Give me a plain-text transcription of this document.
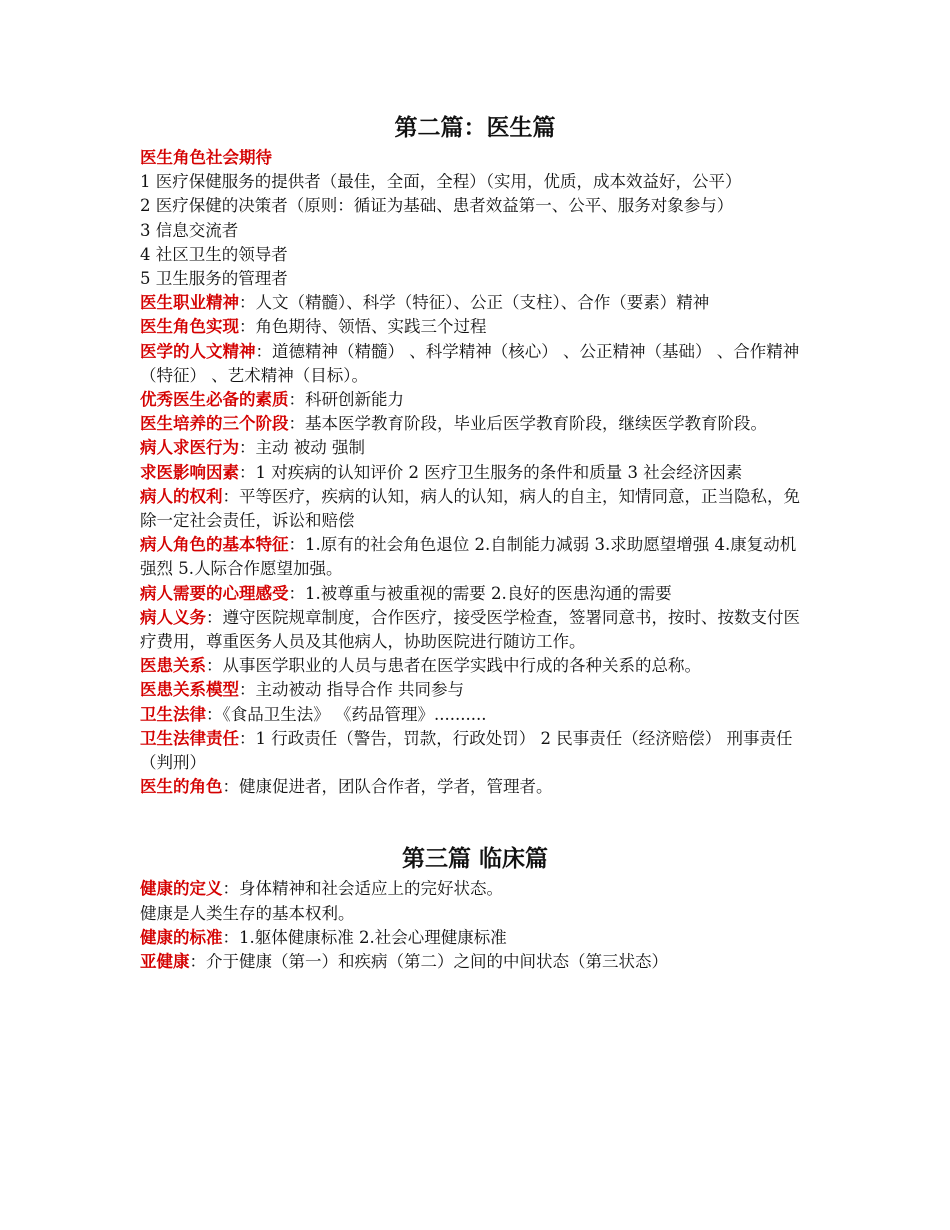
第二篇：医生篇

医生角色社会期待

1 医疗保健服务的提供者（最佳，全面，全程）（实用，优质，成本效益好，公平）

2 医疗保健的决策者（原则：循证为基础、患者效益第一、公平、服务对象参与）

3 信息交流者

4 社区卫生的领导者

5 卫生服务的管理者

医生职业精神：人文（精髓）、科学（特征）、公正（支柱）、合作（要素）精神

医生角色实现：角色期待、领悟、实践三个过程

医学的人文精神：道德精神（精髓） 、科学精神（核心） 、公正精神（基础） 、合作精神（特征） 、艺术精神（目标）。

优秀医生必备的素质：科研创新能力

医生培养的三个阶段：基本医学教育阶段，毕业后医学教育阶段，继续医学教育阶段。

病人求医行为：主动 被动 强制

求医影响因素：1 对疾病的认知评价 2 医疗卫生服务的条件和质量 3 社会经济因素

病人的权利：平等医疗，疾病的认知，病人的认知，病人的自主，知情同意，正当隐私，免除一定社会责任，诉讼和赔偿

病人角色的基本特征：1.原有的社会角色退位 2.自制能力减弱 3.求助愿望增强 4.康复动机强烈 5.人际合作愿望加强。

病人需要的心理感受：1.被尊重与被重视的需要 2.良好的医患沟通的需要

病人义务：遵守医院规章制度，合作医疗，接受医学检查，签署同意书，按时、按数支付医疗费用，尊重医务人员及其他病人，协助医院进行随访工作。

医患关系：从事医学职业的人员与患者在医学实践中行成的各种关系的总称。

医患关系模型：主动被动 指导合作 共同参与

卫生法律：《食品卫生法》 《药品管理》..........

卫生法律责任：1 行政责任（警告，罚款，行政处罚） 2 民事责任（经济赔偿） 刑事责任（判刑）

医生的角色：健康促进者，团队合作者，学者，管理者。

第三篇 临床篇

健康的定义：身体精神和社会适应上的完好状态。

健康是人类生存的基本权利。

健康的标准：1.躯体健康标准 2.社会心理健康标准

亚健康：介于健康（第一）和疾病（第二）之间的中间状态（第三状态）
